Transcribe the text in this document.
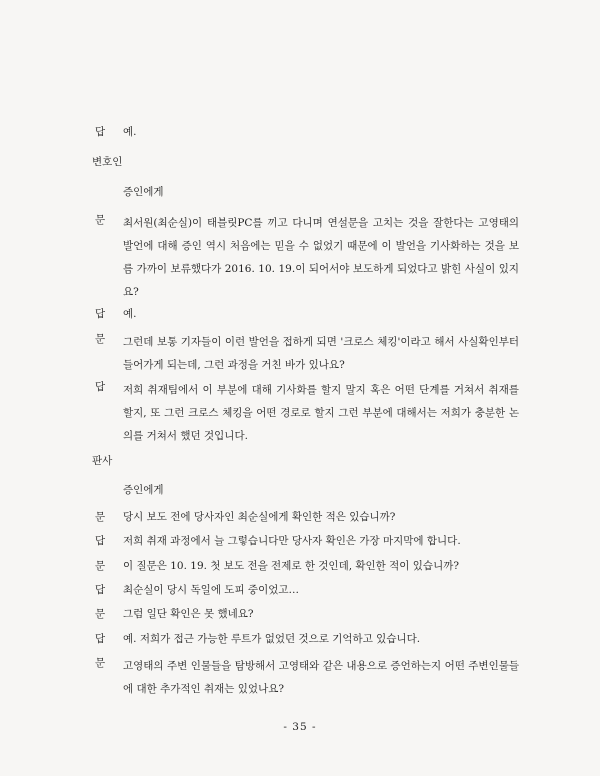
답 예.
변호인
증인에게
문 최서원(최순실)이 태블릿PC를 끼고 다니며 연설문을 고치는 것을 잘한다는 고영태의 발언에 대해 증인 역시 처음에는 믿을 수 없었기 때문에 이 발언을 기사화하는 것을 보름 가까이 보류했다가 2016. 10. 19.이 되어서야 보도하게 되었다고 밝힌 사실이 있지요?
답 예.
문 그런데 보통 기자들이 이런 발언을 접하게 되면 '크로스 체킹'이라고 해서 사실확인부터 들어가게 되는데, 그런 과정을 거친 바가 있나요?
답 저희 취재팀에서 이 부분에 대해 기사화를 할지 말지 혹은 어떤 단계를 거쳐서 취재를 할지, 또 그런 크로스 체킹을 어떤 경로로 할지 그런 부분에 대해서는 저희가 충분한 논의를 거쳐서 했던 것입니다.
판사
증인에게
문 당시 보도 전에 당사자인 최순실에게 확인한 적은 있습니까?
답 저희 취재 과정에서 늘 그렇습니다만 당사자 확인은 가장 마지막에 합니다.
문 이 질문은 10. 19. 첫 보도 전을 전제로 한 것인데, 확인한 적이 있습니까?
답 최순실이 당시 독일에 도피 중이었고…
문 그럼 일단 확인은 못 했네요?
답 예. 저희가 접근 가능한 루트가 없었던 것으로 기억하고 있습니다.
문 고영태의 주변 인물들을 탐방해서 고영태와 같은 내용으로 증언하는지 어떤 주변인물들에 대한 추가적인 취재는 있었나요?
- 35 -
